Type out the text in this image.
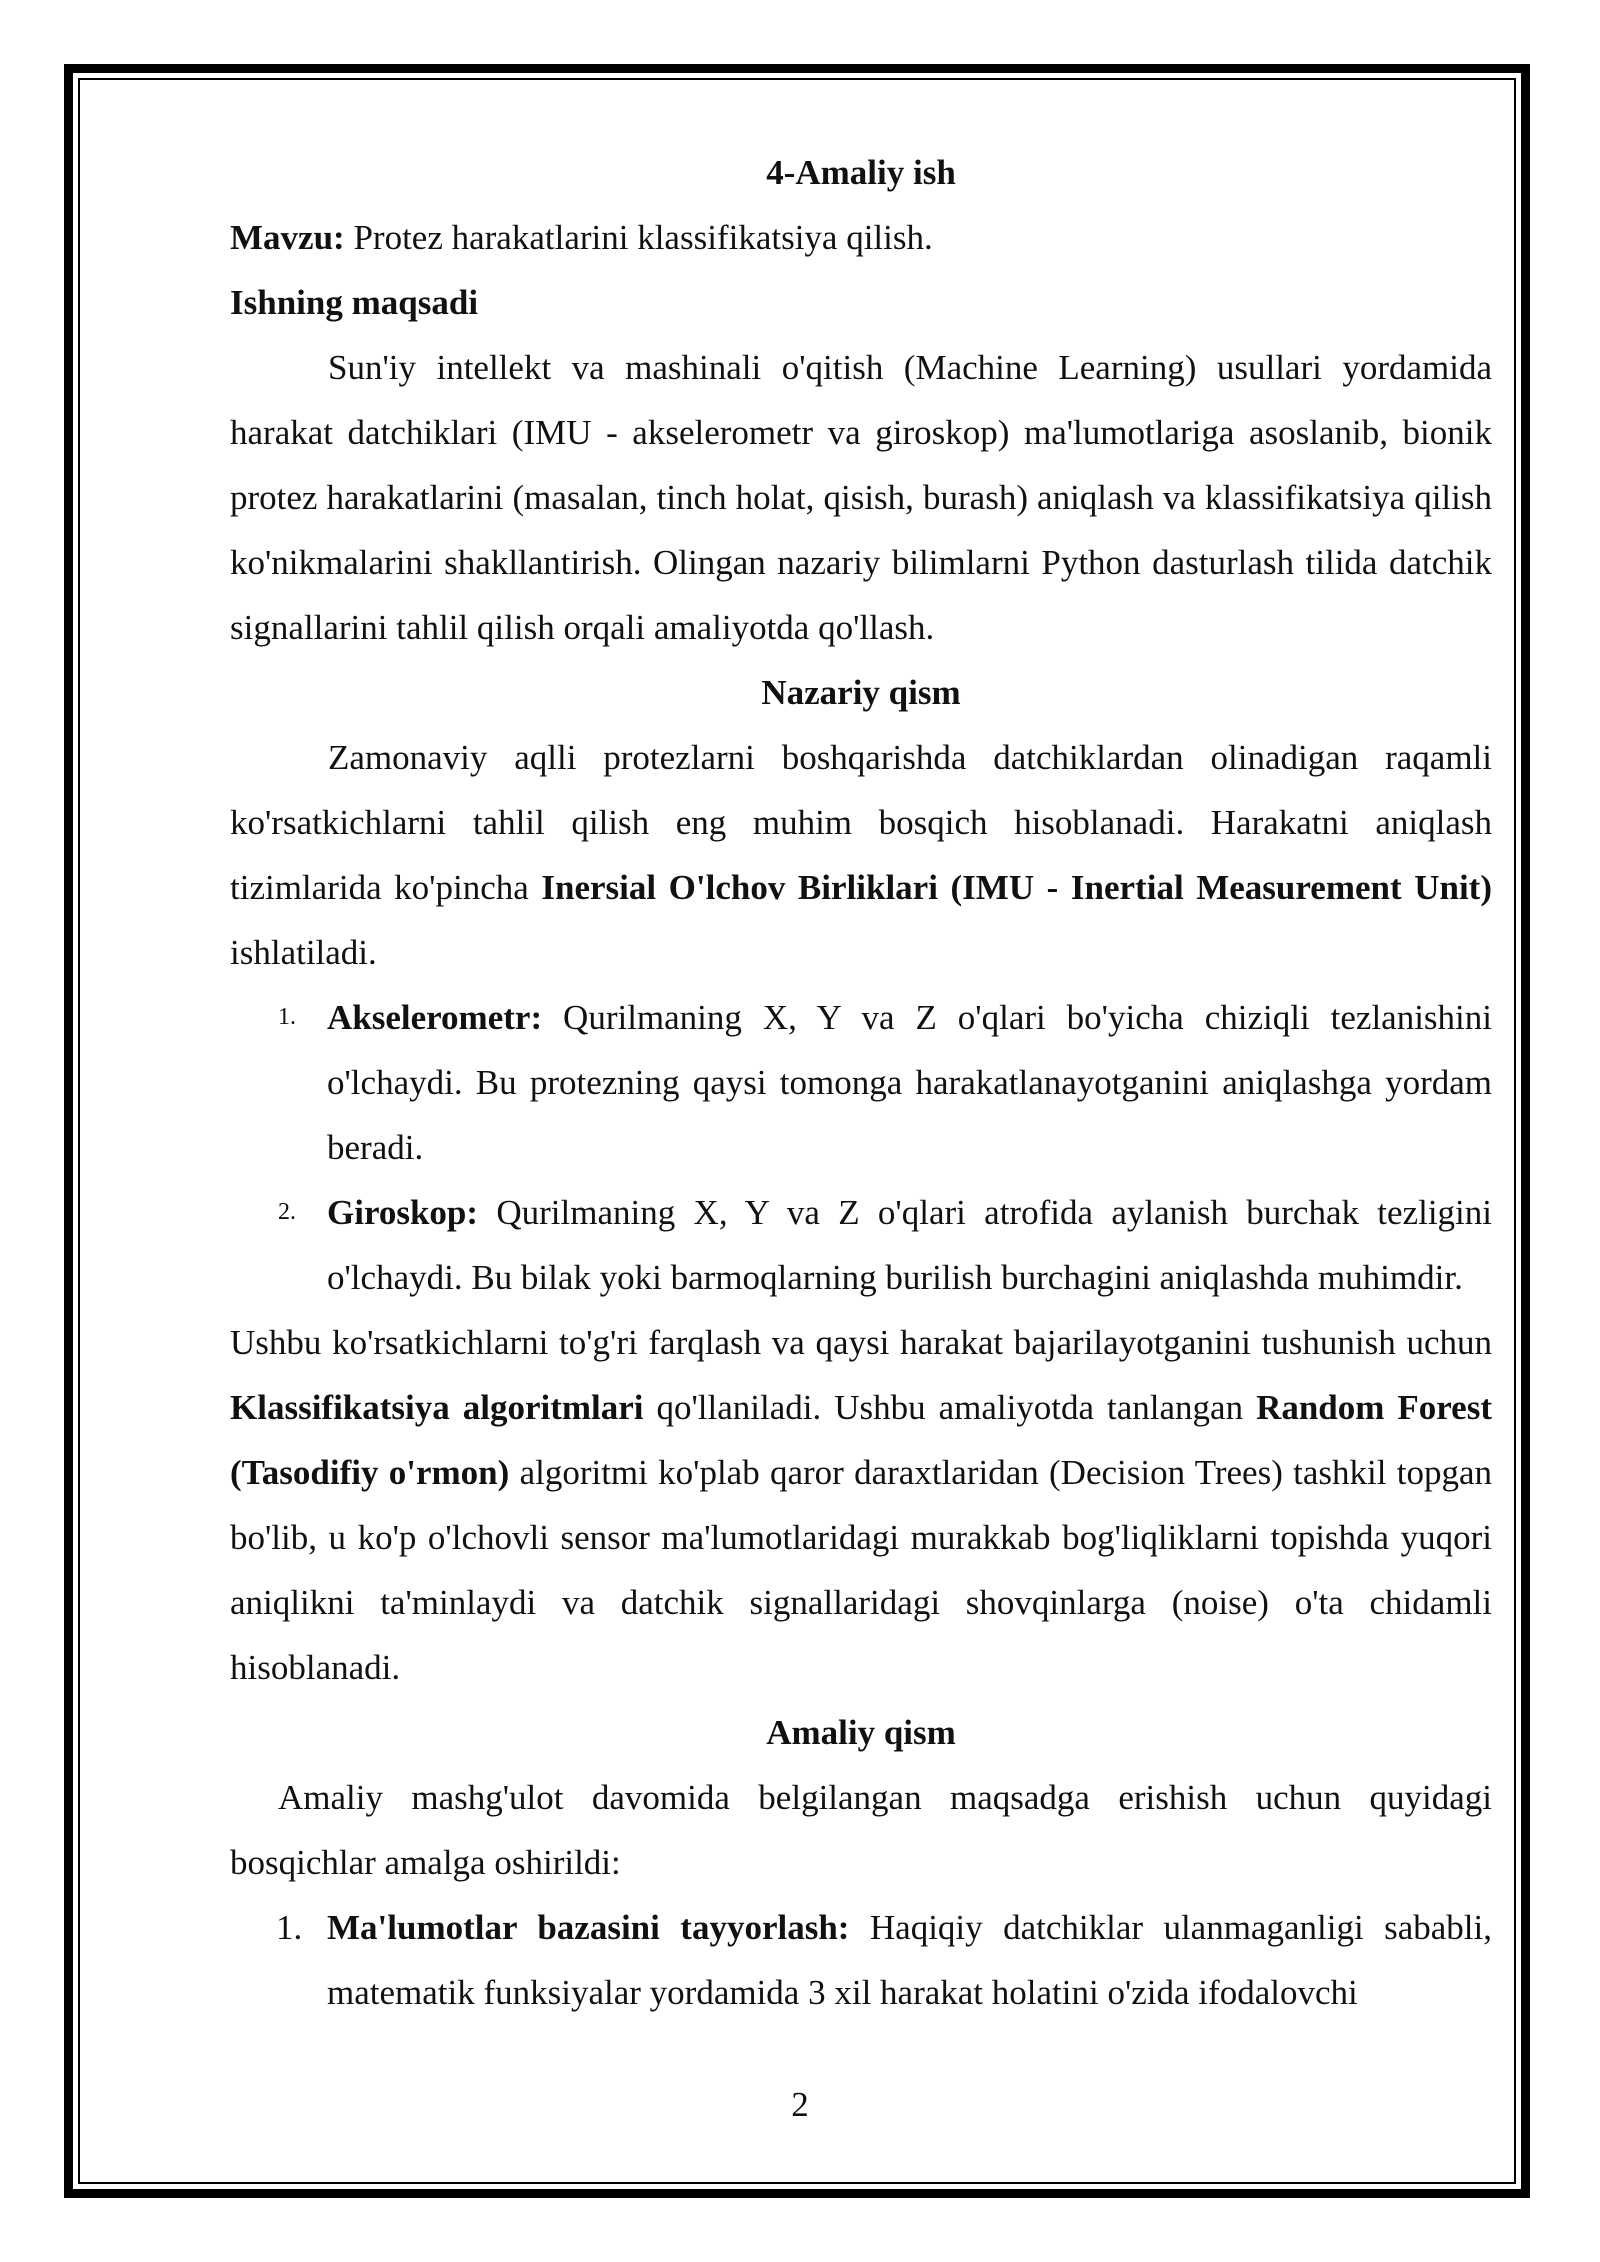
4-Amaliy ish

Mavzu: Protez harakatlarini klassifikatsiya qilish.

Ishning maqsadi

Sun'iy intellekt va mashinali o'qitish (Machine Learning) usullari yordamida harakat datchiklari (IMU - akselerometr va giroskop) ma'lumotlariga asoslanib, bionik protez harakatlarini (masalan, tinch holat, qisish, burash) aniqlash va klassifikatsiya qilish ko'nikmalarini shakllantirish. Olingan nazariy bilimlarni Python dasturlash tilida datchik signallarini tahlil qilish orqali amaliyotda qo'llash.

Nazariy qism

Zamonaviy aqlli protezlarni boshqarishda datchiklardan olinadigan raqamli ko'rsatkichlarni tahlil qilish eng muhim bosqich hisoblanadi. Harakatni aniqlash tizimlarida ko'pincha Inersial O'lchov Birliklari (IMU - Inertial Measurement Unit) ishlatiladi.

1. Akselerometr: Qurilmaning X, Y va Z o'qlari bo'yicha chiziqli tezlanishini o'lchaydi. Bu protezning qaysi tomonga harakatlanayotganini aniqlashga yordam beradi.
2. Giroskop: Qurilmaning X, Y va Z o'qlari atrofida aylanish burchak tezligini o'lchaydi. Bu bilak yoki barmoqlarning burilish burchagini aniqlashda muhimdir.

Ushbu ko'rsatkichlarni to'g'ri farqlash va qaysi harakat bajarilayotganini tushunish uchun Klassifikatsiya algoritmlari qo'llaniladi. Ushbu amaliyotda tanlangan Random Forest (Tasodifiy o'rmon) algoritmi ko'plab qaror daraxtlaridan (Decision Trees) tashkil topgan bo'lib, u ko'p o'lchovli sensor ma'lumotlaridagi murakkab bog'liqliklarni topishda yuqori aniqlikni ta'minlaydi va datchik signallaridagi shovqinlarga (noise) o'ta chidamli hisoblanadi.

Amaliy qism

Amaliy mashg'ulot davomida belgilangan maqsadga erishish uchun quyidagi bosqichlar amalga oshirildi:

1. Ma'lumotlar bazasini tayyorlash: Haqiqiy datchiklar ulanmaganligi sababli, matematik funksiyalar yordamida 3 xil harakat holatini o'zida ifodalovchi
2
